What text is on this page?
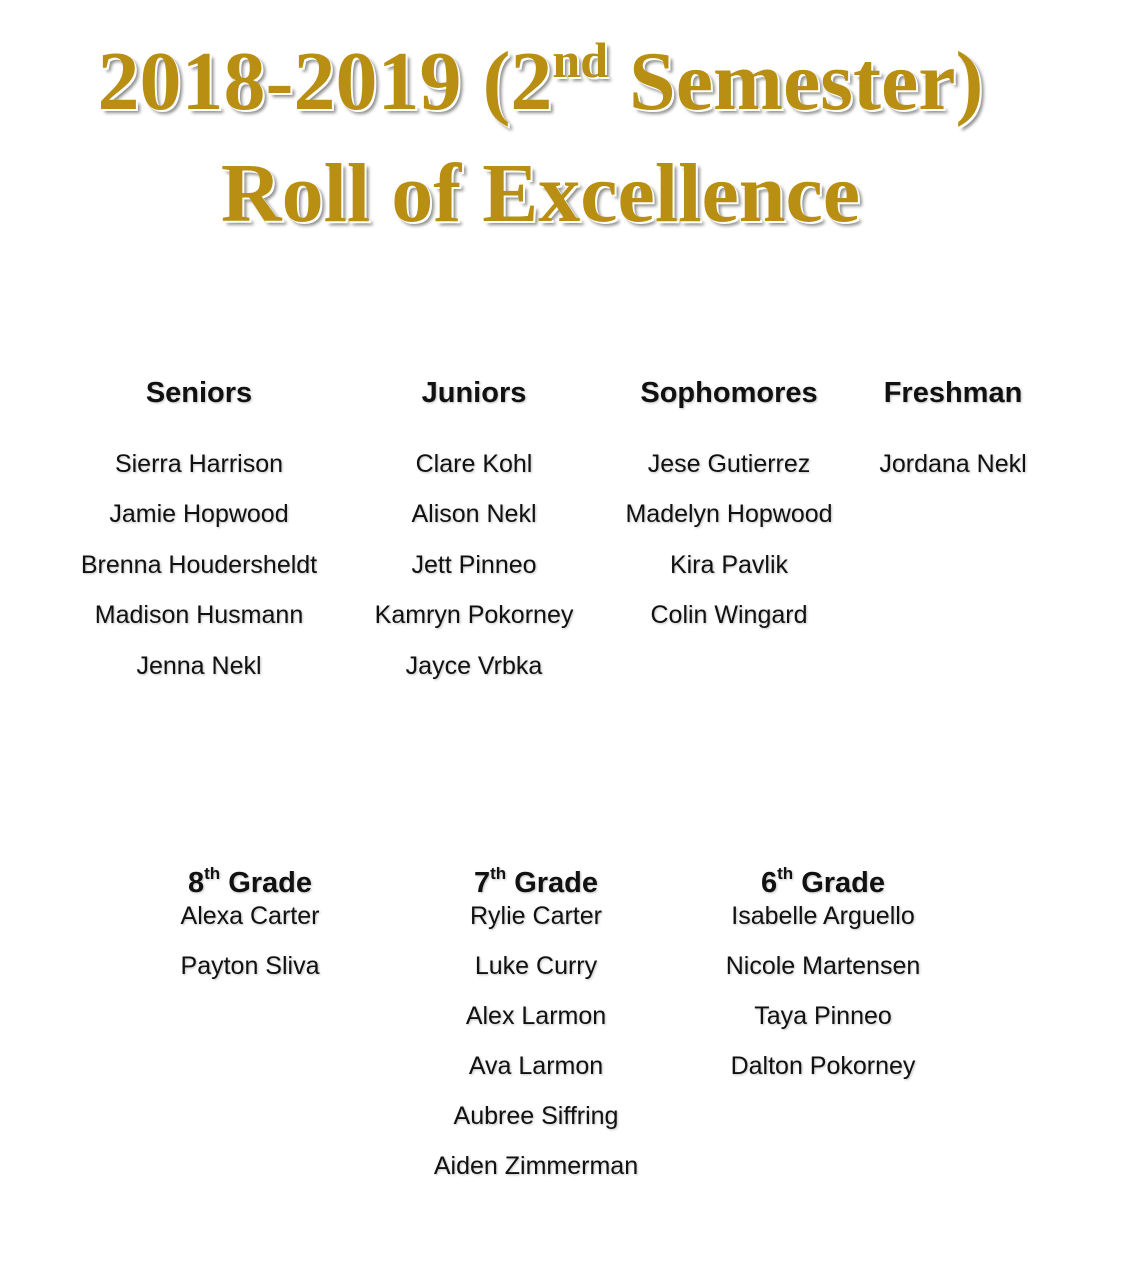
2018-2019 (2nd Semester)
Roll of Excellence
Seniors
Sierra Harrison
Jamie Hopwood
Brenna Houdersheldt
Madison Husmann
Jenna Nekl
Juniors
Clare Kohl
Alison Nekl
Jett Pinneo
Kamryn Pokorney
Jayce Vrbka
Sophomores
Jese Gutierrez
Madelyn Hopwood
Kira Pavlik
Colin Wingard
Freshman
Jordana Nekl
8th Grade
Alexa Carter
Payton Sliva
7th Grade
Rylie Carter
Luke Curry
Alex Larmon
Ava Larmon
Aubree Siffring
Aiden Zimmerman
6th Grade
Isabelle Arguello
Nicole Martensen
Taya Pinneo
Dalton Pokorney
